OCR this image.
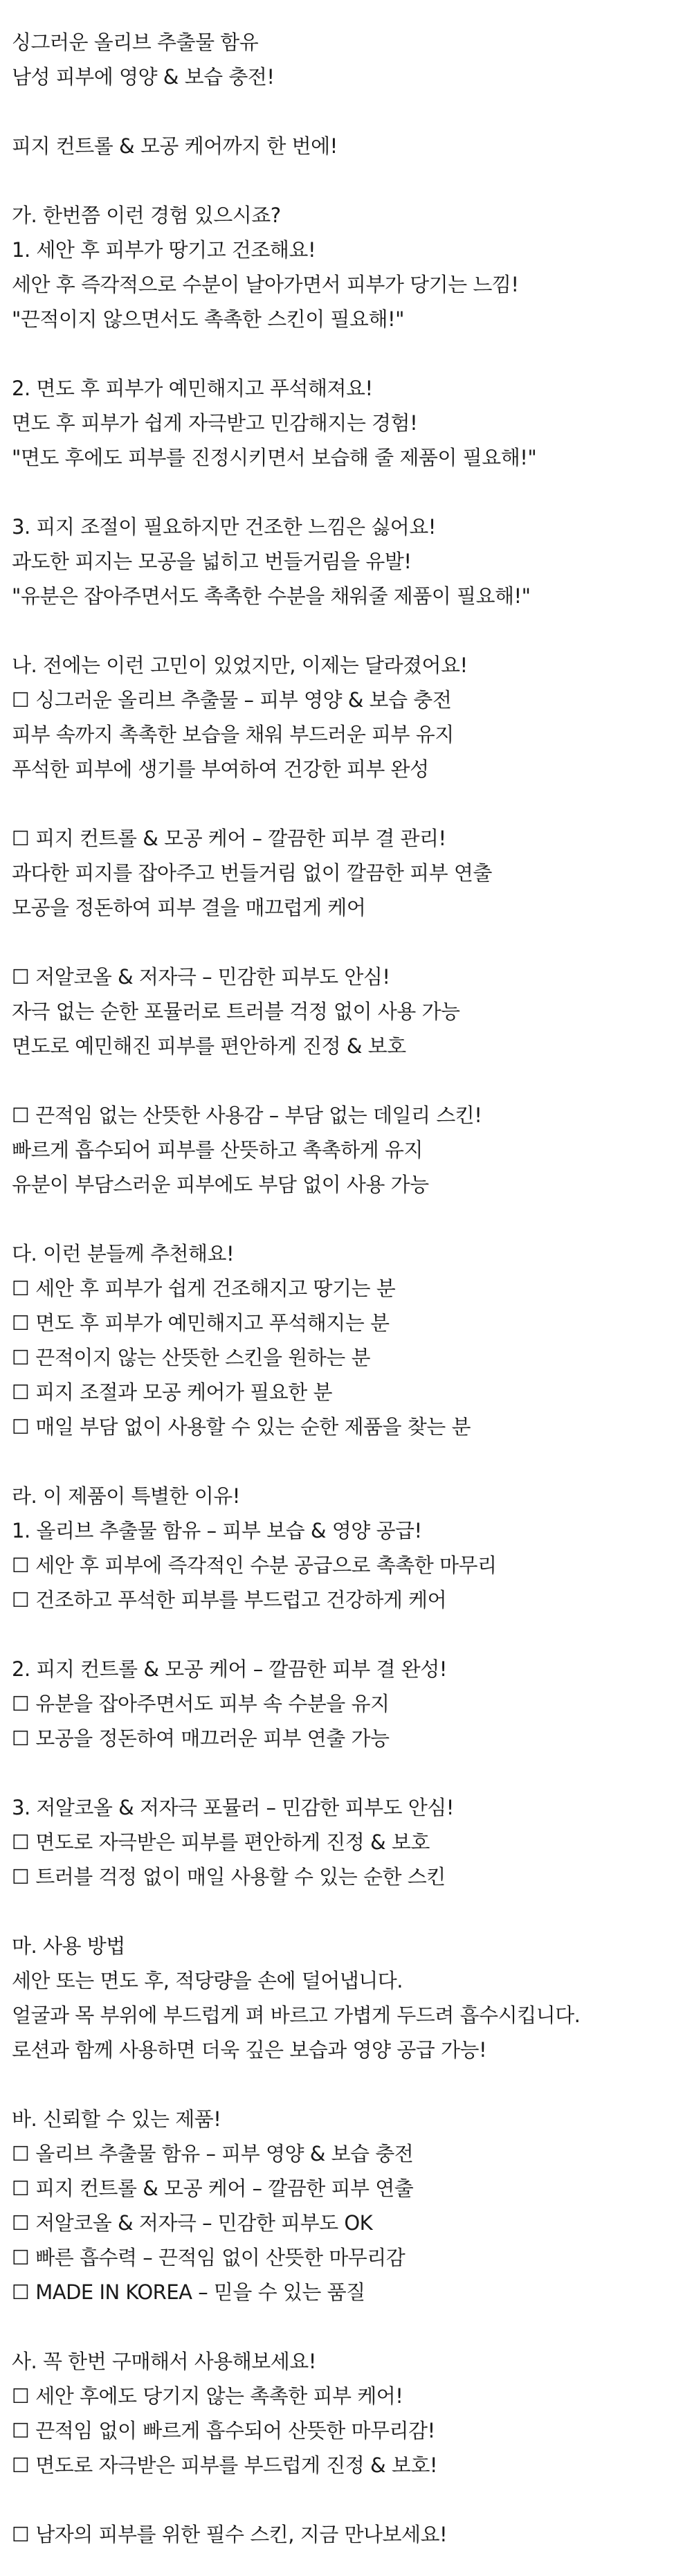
싱그러운 올리브 추출물 함유
남성 피부에 영양 & 보습 충전!
피지 컨트롤 & 모공 케어까지 한 번에!
가. 한번쯤 이런 경험 있으시죠?
1. 세안 후 피부가 땅기고 건조해요!
세안 후 즉각적으로 수분이 날아가면서 피부가 당기는 느낌!
"끈적이지 않으면서도 촉촉한 스킨이 필요해!"
2. 면도 후 피부가 예민해지고 푸석해져요!
면도 후 피부가 쉽게 자극받고 민감해지는 경험!
"면도 후에도 피부를 진정시키면서 보습해 줄 제품이 필요해!"
3. 피지 조절이 필요하지만 건조한 느낌은 싫어요!
과도한 피지는 모공을 넓히고 번들거림을 유발!
"유분은 잡아주면서도 촉촉한 수분을 채워줄 제품이 필요해!"
나. 전에는 이런 고민이 있었지만, 이제는 달라졌어요!
☐ 싱그러운 올리브 추출물 – 피부 영양 & 보습 충전
피부 속까지 촉촉한 보습을 채워 부드러운 피부 유지
푸석한 피부에 생기를 부여하여 건강한 피부 완성
☐ 피지 컨트롤 & 모공 케어 – 깔끔한 피부 결 관리!
과다한 피지를 잡아주고 번들거림 없이 깔끔한 피부 연출
모공을 정돈하여 피부 결을 매끄럽게 케어
☐ 저알코올 & 저자극 – 민감한 피부도 안심!
자극 없는 순한 포뮬러로 트러블 걱정 없이 사용 가능
면도로 예민해진 피부를 편안하게 진정 & 보호
☐ 끈적임 없는 산뜻한 사용감 – 부담 없는 데일리 스킨!
빠르게 흡수되어 피부를 산뜻하고 촉촉하게 유지
유분이 부담스러운 피부에도 부담 없이 사용 가능
다. 이런 분들께 추천해요!
☐ 세안 후 피부가 쉽게 건조해지고 땅기는 분
☐ 면도 후 피부가 예민해지고 푸석해지는 분
☐ 끈적이지 않는 산뜻한 스킨을 원하는 분
☐ 피지 조절과 모공 케어가 필요한 분
☐ 매일 부담 없이 사용할 수 있는 순한 제품을 찾는 분
라. 이 제품이 특별한 이유!
1. 올리브 추출물 함유 – 피부 보습 & 영양 공급!
☐ 세안 후 피부에 즉각적인 수분 공급으로 촉촉한 마무리
☐ 건조하고 푸석한 피부를 부드럽고 건강하게 케어
2. 피지 컨트롤 & 모공 케어 – 깔끔한 피부 결 완성!
☐ 유분을 잡아주면서도 피부 속 수분을 유지
☐ 모공을 정돈하여 매끄러운 피부 연출 가능
3. 저알코올 & 저자극 포뮬러 – 민감한 피부도 안심!
☐ 면도로 자극받은 피부를 편안하게 진정 & 보호
☐ 트러블 걱정 없이 매일 사용할 수 있는 순한 스킨
마. 사용 방법
세안 또는 면도 후, 적당량을 손에 덜어냅니다.
얼굴과 목 부위에 부드럽게 펴 바르고 가볍게 두드려 흡수시킵니다.
로션과 함께 사용하면 더욱 깊은 보습과 영양 공급 가능!
바. 신뢰할 수 있는 제품!
☐ 올리브 추출물 함유 – 피부 영양 & 보습 충전
☐ 피지 컨트롤 & 모공 케어 – 깔끔한 피부 연출
☐ 저알코올 & 저자극 – 민감한 피부도 OK
☐ 빠른 흡수력 – 끈적임 없이 산뜻한 마무리감
☐ MADE IN KOREA – 믿을 수 있는 품질
사. 꼭 한번 구매해서 사용해보세요!
☐ 세안 후에도 당기지 않는 촉촉한 피부 케어!
☐ 끈적임 없이 빠르게 흡수되어 산뜻한 마무리감!
☐ 면도로 자극받은 피부를 부드럽게 진정 & 보호!
☐ 남자의 피부를 위한 필수 스킨, 지금 만나보세요!
